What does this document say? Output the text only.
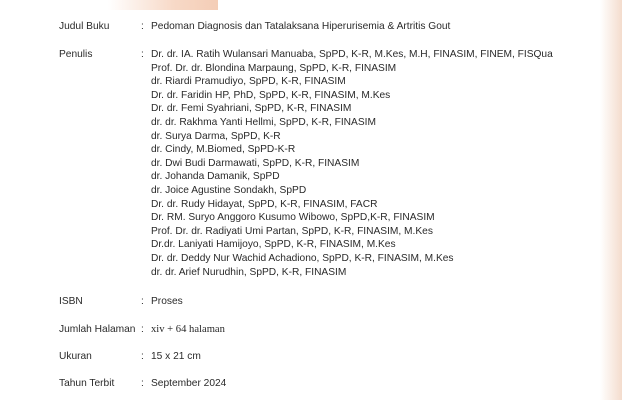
Judul Buku	: Pedoman Diagnosis dan Tatalaksana Hiperurisemia & Artritis Gout
Penulis	: Dr. dr. IA. Ratih Wulansari Manuaba, SpPD, K-R, M.Kes, M.H, FINASIM, FINEM, FISQua
Prof. Dr. dr. Blondina Marpaung, SpPD, K-R, FINASIM
dr. Riardi Pramudiyo, SpPD, K-R, FINASIM
Dr. dr. Faridin HP, PhD, SpPD, K-R, FINASIM, M.Kes
Dr. dr. Femi Syahriani, SpPD, K-R, FINASIM
dr. dr. Rakhma Yanti Hellmi, SpPD, K-R, FINASIM
dr. Surya Darma, SpPD, K-R
dr. Cindy, M.Biomed, SpPD-K-R
dr. Dwi Budi Darmawati, SpPD, K-R, FINASIM
dr. Johanda Damanik, SpPD
dr. Joice Agustine Sondakh, SpPD
Dr. dr. Rudy Hidayat, SpPD, K-R, FINASIM, FACR
Dr. RM. Suryo Anggoro Kusumo Wibowo, SpPD,K-R, FINASIM
Prof. Dr. dr. Radiyati Umi Partan, SpPD, K-R, FINASIM, M.Kes
Dr.dr. Laniyati Hamijoyo, SpPD, K-R, FINASIM, M.Kes
Dr. dr. Deddy Nur Wachid Achadiono, SpPD, K-R, FINASIM, M.Kes
dr. dr. Arief Nurudhin, SpPD, K-R, FINASIM
ISBN	: Proses
Jumlah Halaman : xiv + 64 halaman
Ukuran	: 15 x 21 cm
Tahun Terbit	: September 2024
